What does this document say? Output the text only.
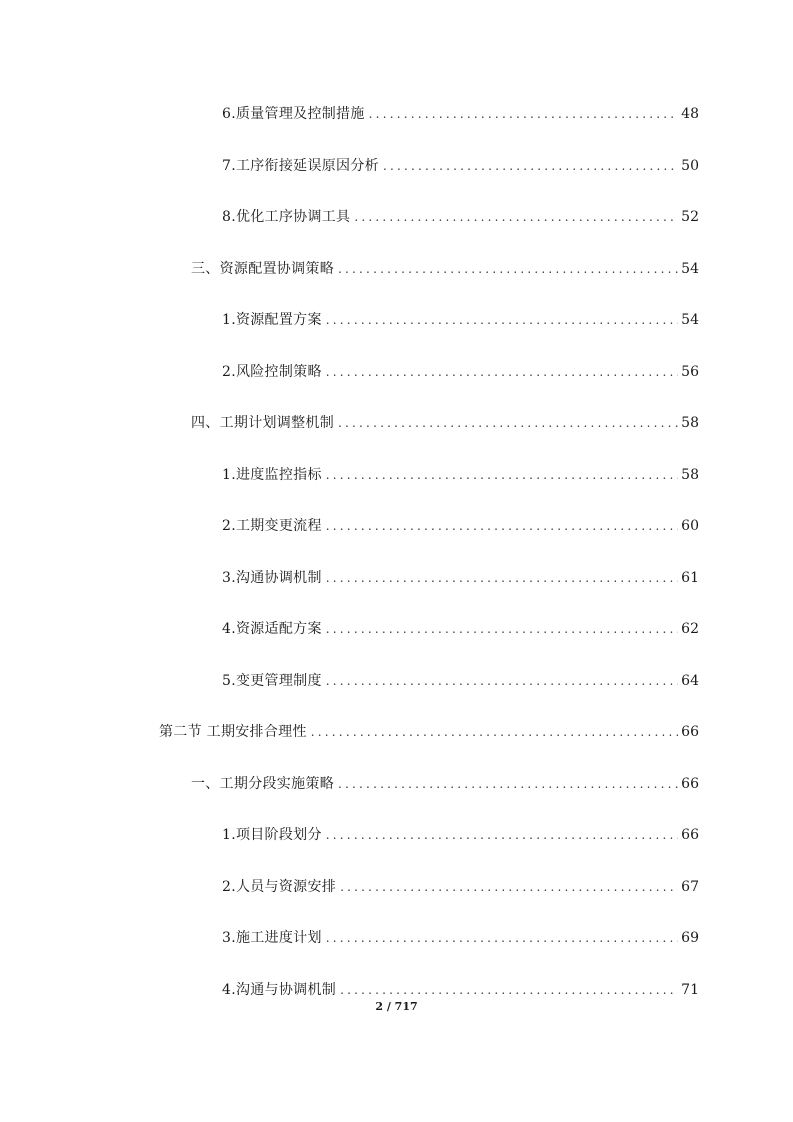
6.质量管理及控制措施 .....	48
7.工序衔接延误原因分析 .....	50
8.优化工序协调工具 .....	52
三、资源配置协调策略 .....	54
1.资源配置方案 .....	54
2.风险控制策略 .....	56
四、工期计划调整机制 .....	58
1.进度监控指标 .....	58
2.工期变更流程 .....	60
3.沟通协调机制 .....	61
4.资源适配方案 .....	62
5.变更管理制度 .....	64
第二节 工期安排合理性 .....	66
一、工期分段实施策略 .....	66
1.项目阶段划分 .....	66
2.人员与资源安排 .....	67
3.施工进度计划 .....	69
4.沟通与协调机制 .....	71
2 / 717
